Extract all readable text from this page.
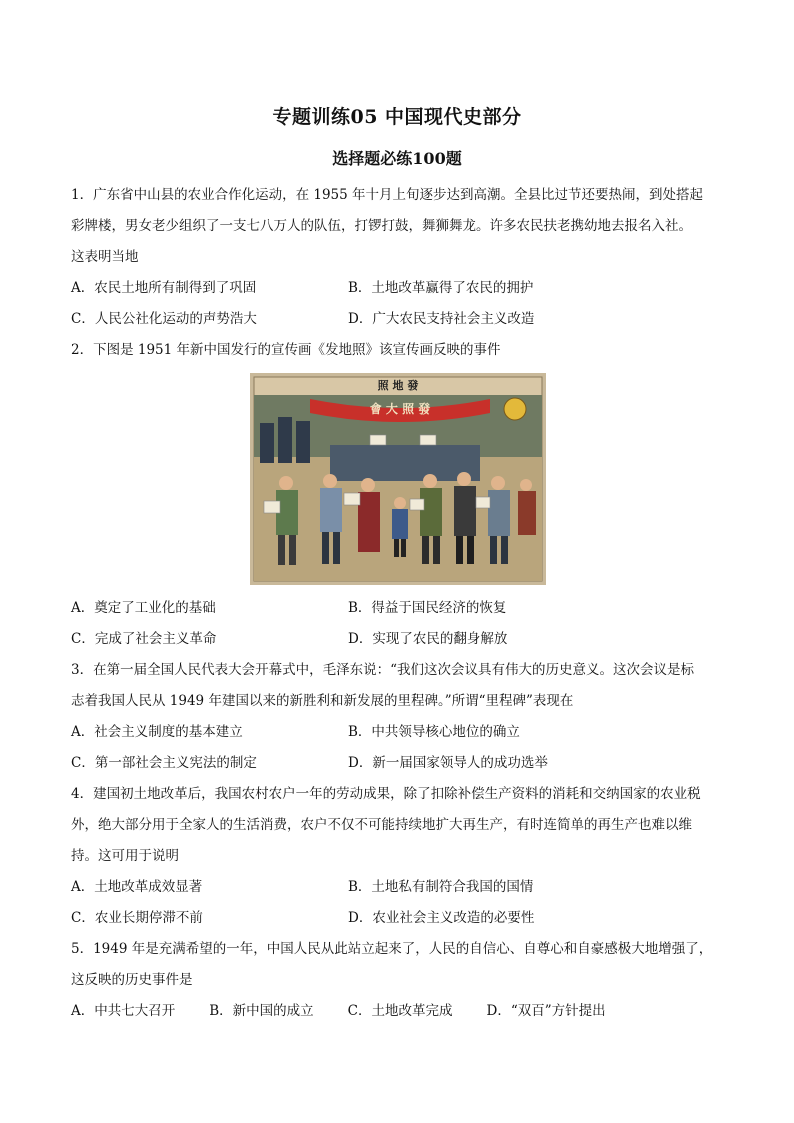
专题训练05 中国现代史部分
选择题必练100题

1．广东省中山县的农业合作化运动，在 1955 年十月上旬逐步达到高潮。全县比过节还要热闹，到处搭起

彩牌楼，男女老少组织了一支七八万人的队伍，打锣打鼓，舞狮舞龙。许多农民扶老携幼地去报名入社。

这表明当地

A．农民土地所有制得到了巩固	B．土地改革赢得了农民的拥护
C．人民公社化运动的声势浩大	D．广大农民支持社会主义改造

2．下图是 1951 年新中国发行的宣传画《发地照》该宣传画反映的事件

照 地 發
會 大 照 發
A．奠定了工业化的基础	B．得益于国民经济的恢复
C．完成了社会主义革命	D．实现了农民的翻身解放

3．在第一届全国人民代表大会开幕式中，毛泽东说：“我们这次会议具有伟大的历史意义。这次会议是标

志着我国人民从 1949 年建国以来的新胜利和新发展的里程碑。”所谓“里程碑”表现在

A．社会主义制度的基本建立	B．中共领导核心地位的确立
C．第一部社会主义宪法的制定	D．新一届国家领导人的成功选举

4．建国初土地改革后，我国农村农户一年的劳动成果，除了扣除补偿生产资料的消耗和交纳国家的农业税

外，绝大部分用于全家人的生活消费，农户不仅不可能持续地扩大再生产，有时连简单的再生产也难以维

持。这可用于说明

A．土地改革成效显著	B．土地私有制符合我国的国情
C．农业长期停滞不前	D．农业社会主义改造的必要性

5．1949 年是充满希望的一年，中国人民从此站立起来了，人民的自信心、自尊心和自豪感极大地增强了，

这反映的历史事件是

A．中共七大召开	B．新中国的成立	C．土地改革完成	D．“双百”方针提出
